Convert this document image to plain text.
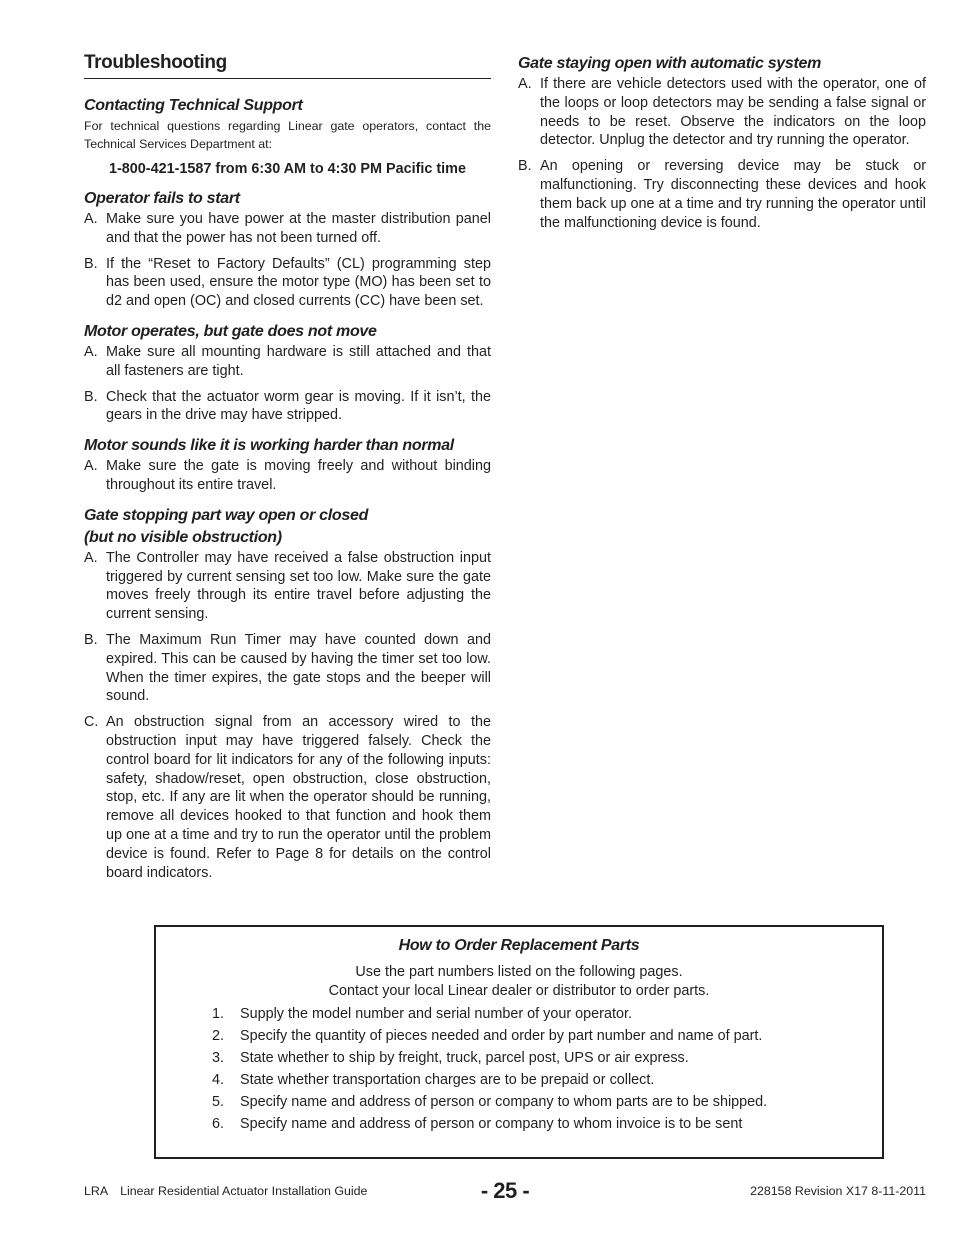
Troubleshooting
Contacting Technical Support

For technical questions regarding Linear gate operators, contact the Technical Services Department at:

1-800-421-1587 from 6:30 AM to 4:30 PM Pacific time

Operator fails to start
A. Make sure you have power at the master distribution panel and that the power has not been turned off.
B. If the “Reset to Factory Defaults” (CL) programming step has been used, ensure the motor type (MO) has been set to d2 and open (OC) and closed currents (CC) have been set.
Motor operates, but gate does not move
A. Make sure all mounting hardware is still attached and that all fasteners are tight.
B. Check that the actuator worm gear is moving. If it isn’t, the gears in the drive may have stripped.
Motor sounds like it is working harder than normal
A. Make sure the gate is moving freely and without binding throughout its entire travel.
Gate stopping part way open or closed
(but no visible obstruction)
A. The Controller may have received a false obstruction input triggered by current sensing set too low. Make sure the gate moves freely through its entire travel before adjusting the current sensing.
B. The Maximum Run Timer may have counted down and expired. This can be caused by having the timer set too low. When the timer expires, the gate stops and the beeper will sound.
C. An obstruction signal from an accessory wired to the obstruction input may have triggered falsely. Check the control board for lit indicators for any of the following inputs: safety, shadow/reset, open obstruction, close obstruction, stop, etc. If any are lit when the operator should be running, remove all devices hooked to that function and hook them up one at a time and try to run the operator until the problem device is found. Refer to Page 8 for details on the control board indicators.
Gate staying open with automatic system
A. If there are vehicle detectors used with the operator, one of the loops or loop detectors may be sending a false signal or needs to be reset. Observe the indicators on the loop detector. Unplug the detector and try running the operator.
B. An opening or reversing device may be stuck or malfunctioning. Try disconnecting these devices and hook them back up one at a time and try running the operator until the malfunctioning device is found.
How to Order Replacement Parts
Use the part numbers listed on the following pages.
Contact your local Linear dealer or distributor to order parts.
1.	Supply the model number and serial number of your operator.
2.	Specify the quantity of pieces needed and order by part number and name of part.
3.	State whether to ship by freight, truck, parcel post, UPS or air express.
4.	State whether transportation charges are to be prepaid or collect.
5.	Specify name and address of person or company to whom parts are to be shipped.
6.	Specify name and address of person or company to whom invoice is to be sent
LRA Linear Residential Actuator Installation Guide	- 25 -	228158 Revision X17 8-11-2011
